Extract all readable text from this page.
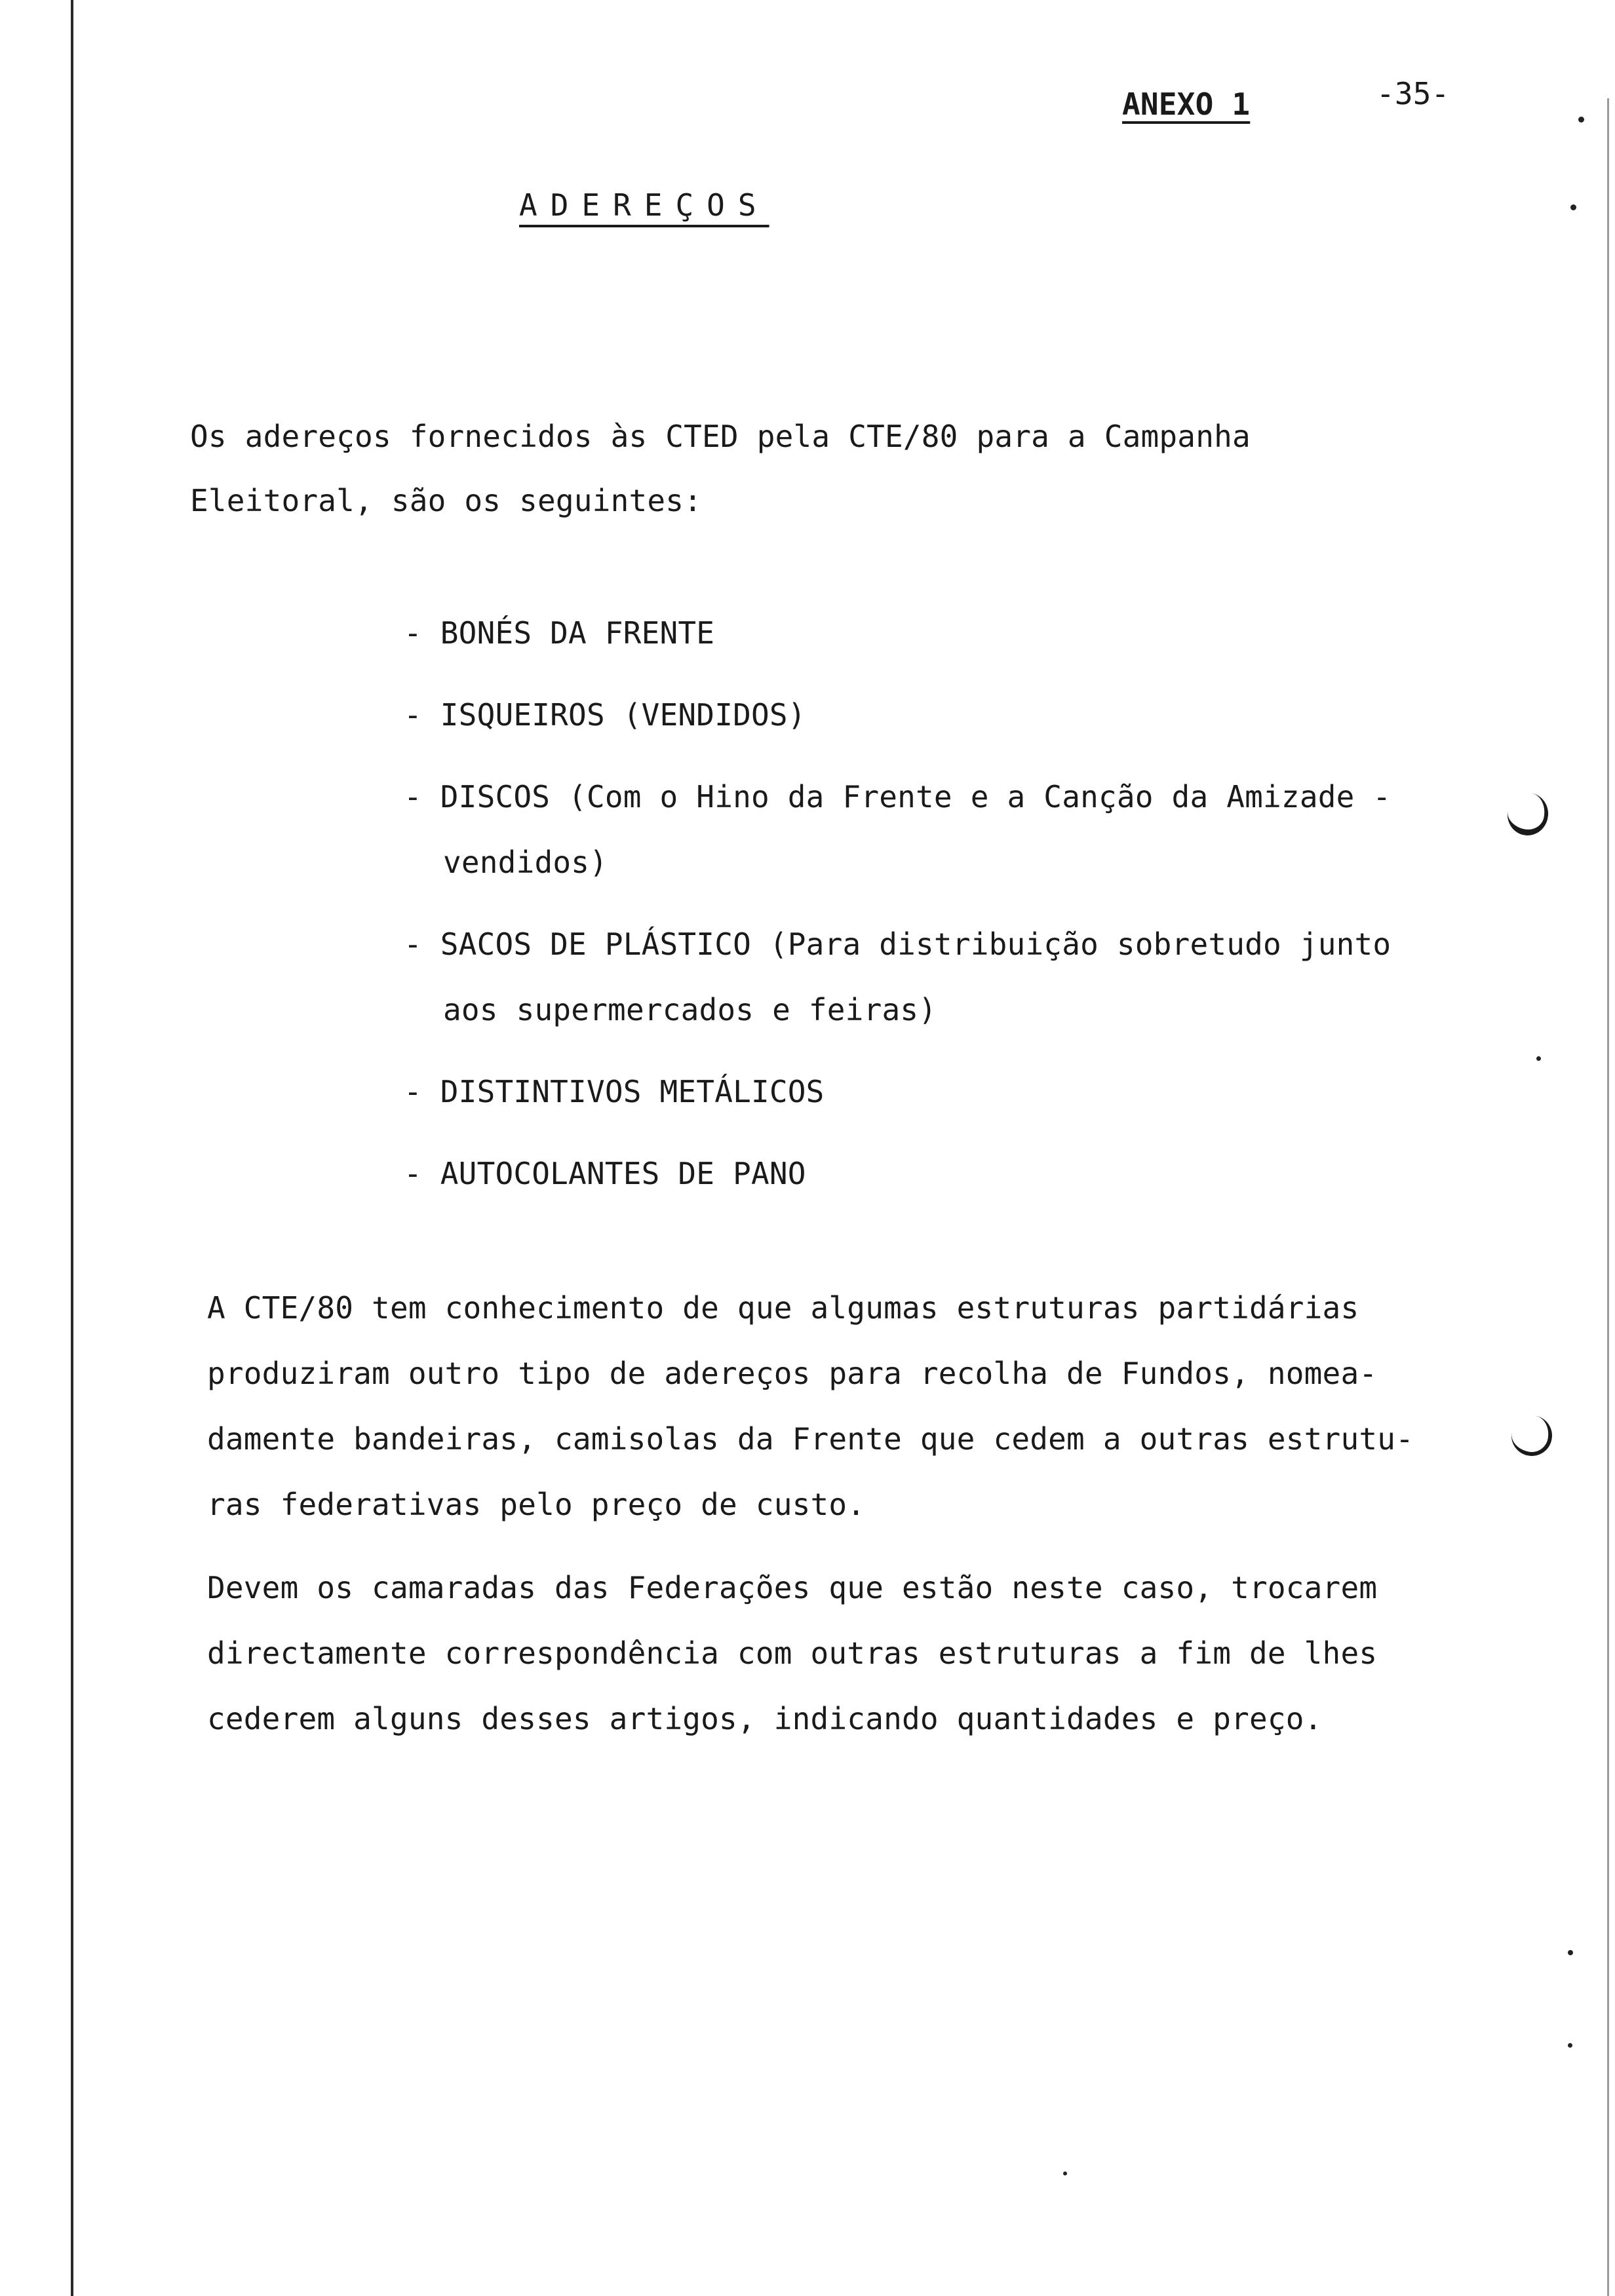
ANEXO 1	-35-
ADEREÇOS
Os adereços fornecidos às CTED pela CTE/80 para a Campanha
Eleitoral, são os seguintes:
- BONÉS DA FRENTE
- ISQUEIROS (VENDIDOS)
- DISCOS (Com o Hino da Frente e a Canção da Amizade -
vendidos)
- SACOS DE PLÁSTICO (Para distribuição sobretudo junto
aos supermercados e feiras)
- DISTINTIVOS METÁLICOS
- AUTOCOLANTES DE PANO
A CTE/80 tem conhecimento de que algumas estruturas partidárias
produziram outro tipo de adereços para recolha de Fundos, nomea-
damente bandeiras, camisolas da Frente que cedem a outras estrutu-
ras federativas pelo preço de custo.
Devem os camaradas das Federações que estão neste caso, trocarem
directamente correspondência com outras estruturas a fim de lhes
cederem alguns desses artigos, indicando quantidades e preço.
